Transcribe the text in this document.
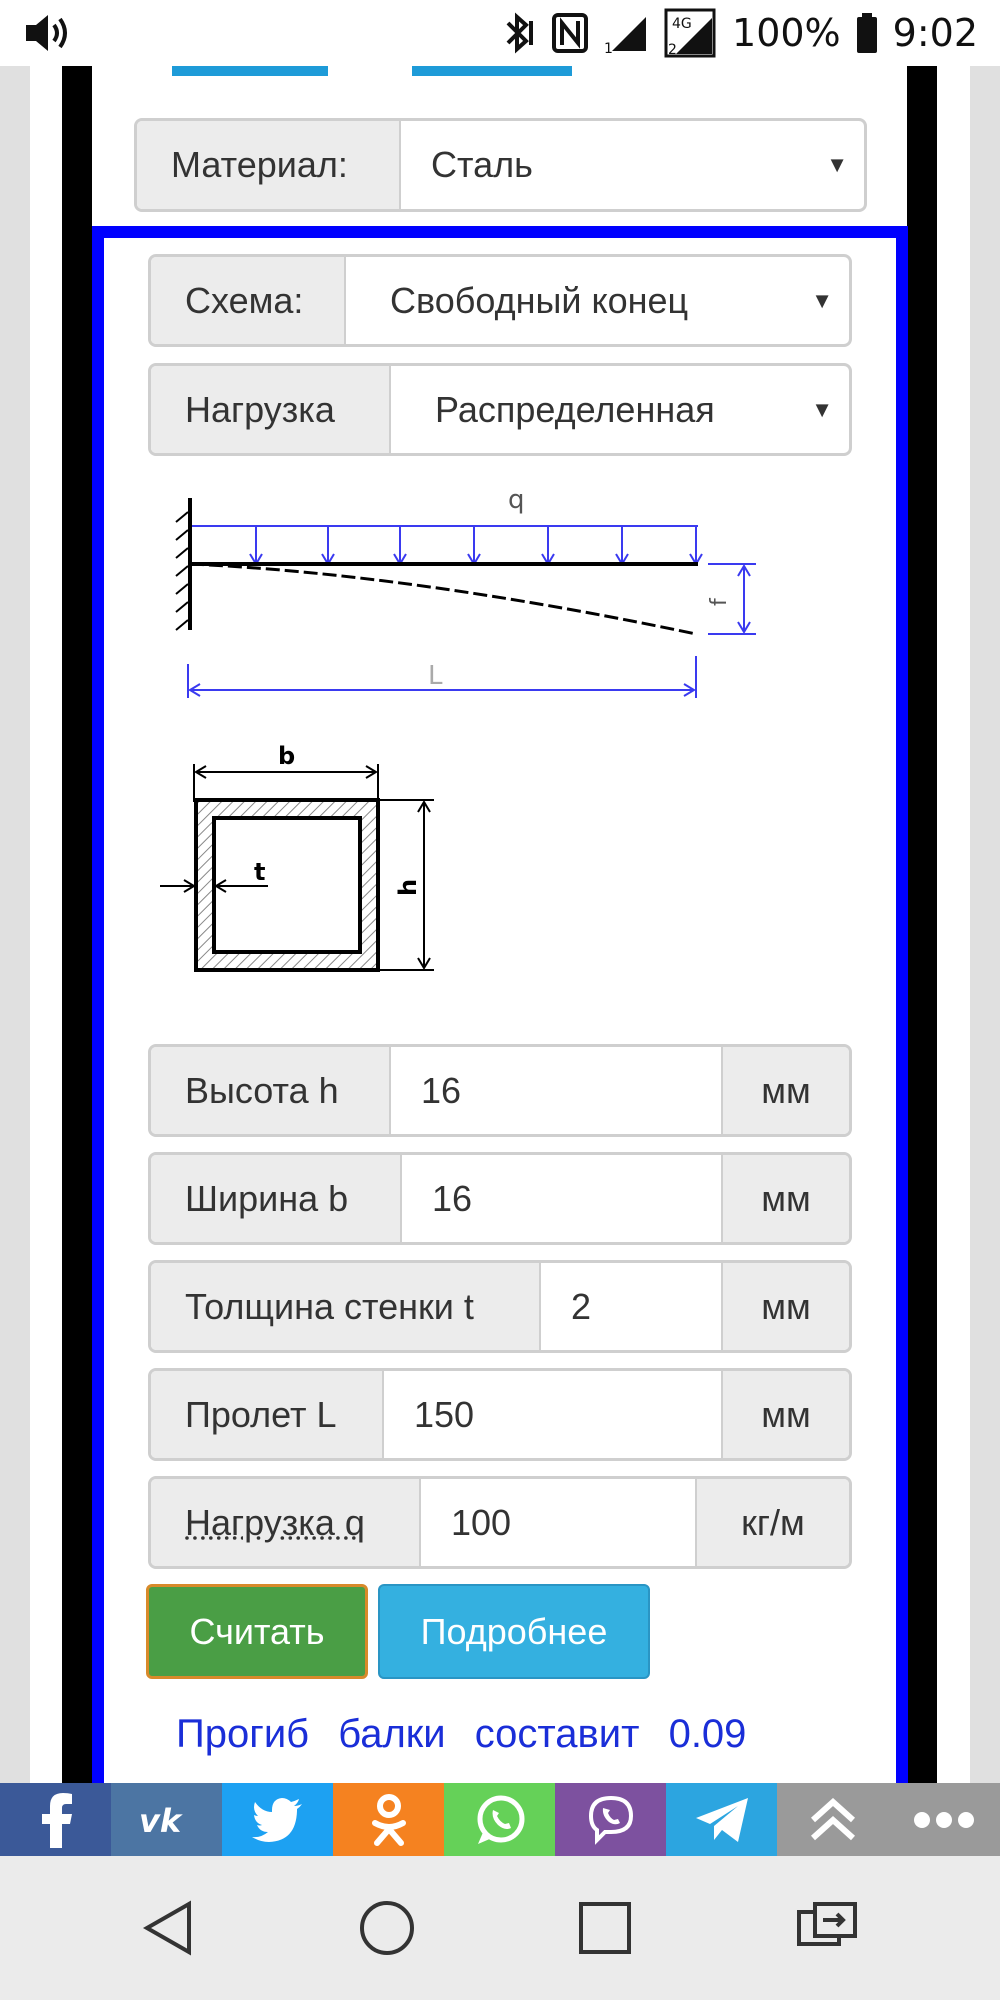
1
4G
2 100% 9:02
Материал:	Сталь	▼
Схема:	Свободный конец	▼
Нагрузка	Распределенная	▼
q
f
L
b
h
t
Высота h	16	мм
Ширина b	16	мм
Толщина стенки t	2	мм
Пролет L	150	мм
Нагрузка q	100	кг/м
Считать	Подробнее
Прогиб балки составит 0.09
vk
